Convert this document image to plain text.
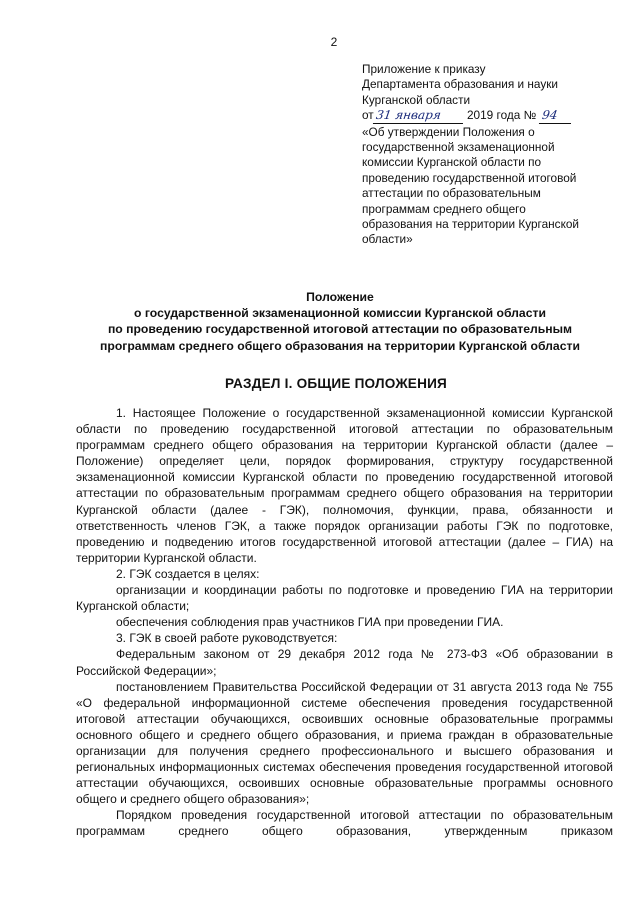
2
Приложение к приказу
Департамента образования и науки
Курганской области
от31 января 2019 года № 94
«Об утверждении Положения о
государственной экзаменационной
комиссии Курганской области по
проведению государственной итоговой
аттестации по образовательным
программам среднего общего
образования на территории Курганской
области»
Положение
о государственной экзаменационной комиссии Курганской области
по проведению государственной итоговой аттестации по образовательным
программам среднего общего образования на территории Курганской области
РАЗДЕЛ I. ОБЩИЕ ПОЛОЖЕНИЯ

1. Настоящее Положение о государственной экзаменационной комиссии Курганской области по проведению государственной итоговой аттестации по образовательным программам среднего общего образования на территории Курганской области (далее – Положение) определяет цели, порядок формирования, структуру государственной экзаменационной комиссии Курганской области по проведению государственной итоговой аттестации по образовательным программам среднего общего образования на территории Курганской области (далее - ГЭК), полномочия, функции, права, обязанности и ответственность членов ГЭК, а также порядок организации работы ГЭК по подготовке, проведению и подведению итогов государственной итоговой аттестации (далее – ГИА) на территории Курганской области.

2. ГЭК создается в целях:

организации и координации работы по подготовке и проведению ГИА на территории Курганской области;

обеспечения соблюдения прав участников ГИА при проведении ГИА.

3. ГЭК в своей работе руководствуется:

Федеральным законом от 29 декабря 2012 года № 273-ФЗ «Об образовании в Российской Федерации»;

постановлением Правительства Российской Федерации от 31 августа 2013 года № 755 «О федеральной информационной системе обеспечения проведения государственной итоговой аттестации обучающихся, освоивших основные образовательные программы основного общего и среднего общего образования, и приема граждан в образовательные организации для получения среднего профессионального и высшего образования и региональных информационных системах обеспечения проведения государственной итоговой аттестации обучающихся, освоивших основные образовательные программы основного общего и среднего общего образования»;

Порядком проведения государственной итоговой аттестации по образовательным программам среднего общего образования, утвержденным приказом
